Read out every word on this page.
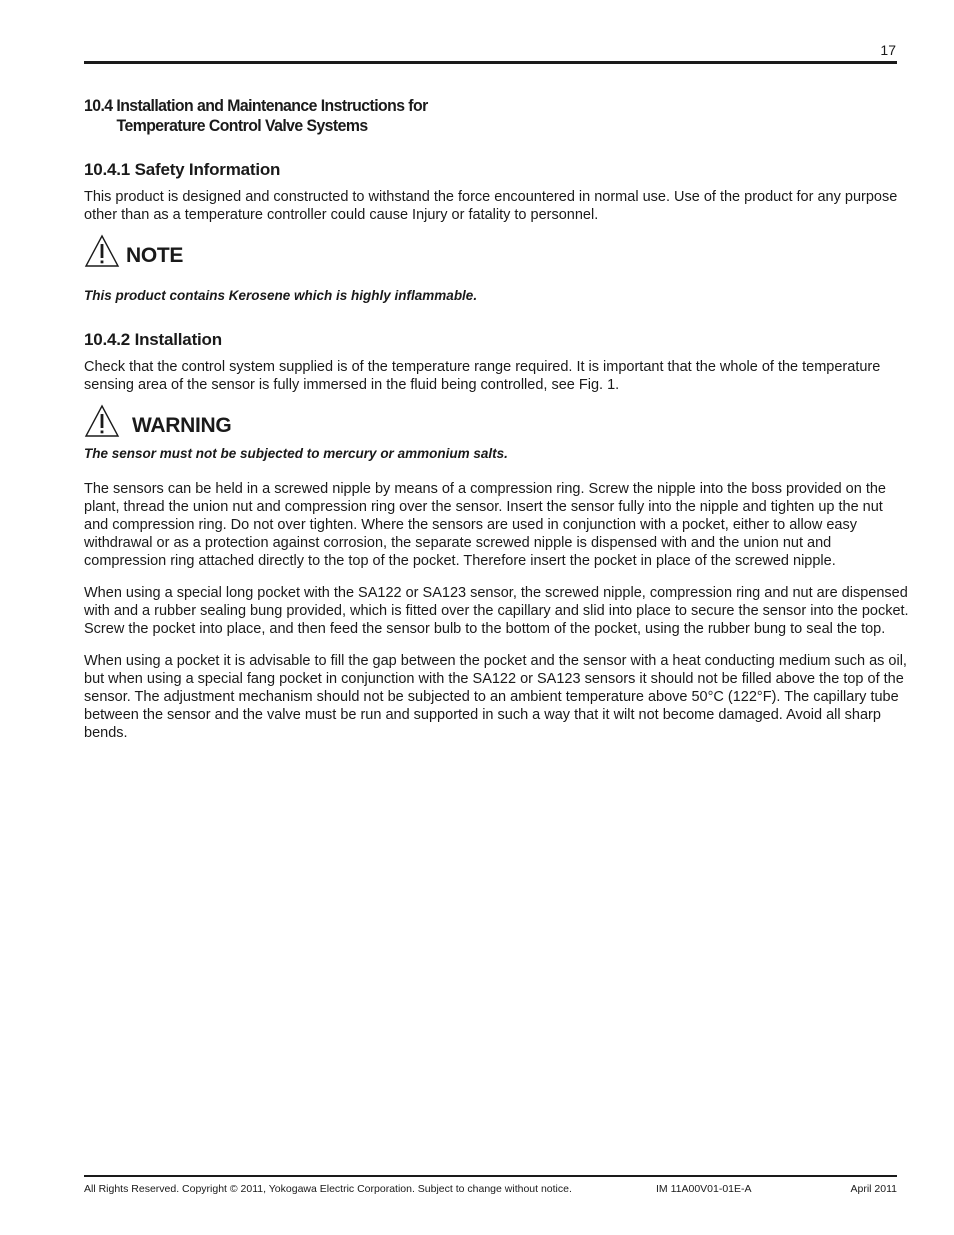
17
10.4 Installation and Maintenance Instructions for
Temperature Control Valve Systems
10.4.1 Safety Information

This product is designed and constructed to withstand the force encountered in normal use. Use of the product for any purpose other than as a temperature controller could cause Injury or fatality to personnel.

NOTE

This product contains Kerosene which is highly inflammable.

10.4.2 Installation

Check that the control system supplied is of the temperature range required. It is important that the whole of the temperature sensing area of the sensor is fully immersed in the fluid being controlled, see Fig. 1.

WARNING

The sensor must not be subjected to mercury or ammonium salts.

The sensors can be held in a screwed nipple by means of a compression ring. Screw the nipple into the boss provided on the plant, thread the union nut and compression ring over the sensor. Insert the sensor fully into the nipple and tighten up the nut and compression ring. Do not over tighten. Where the sensors are used in conjunction with a pocket, either to allow easy withdrawal or as a protection against corrosion, the separate screwed nipple is dispensed with and the union nut and compression ring attached directly to the top of the pocket. Therefore insert the pocket in place of the screwed nipple.

When using a special long pocket with the SA122 or SA123 sensor, the screwed nipple, compression ring and nut are dispensed with and a rubber sealing bung provided, which is fitted over the capillary and slid into place to secure the sensor into the pocket. Screw the pocket into place, and then feed the sensor bulb to the bottom of the pocket, using the rubber bung to seal the top.

When using a pocket it is advisable to fill the gap between the pocket and the sensor with a heat conducting medium such as oil, but when using a special fang pocket in conjunction with the SA122 or SA123 sensors it should not be filled above the top of the sensor. The adjustment mechanism should not be subjected to an ambient temperature above 50°C (122°F). The capillary tube between the sensor and the valve must be run and supported in such a way that it wilt not become damaged. Avoid all sharp bends.

All Rights Reserved. Copyright © 2011, Yokogawa Electric Corporation. Subject to change without notice.	IM 11A00V01-01E-A	April 2011
